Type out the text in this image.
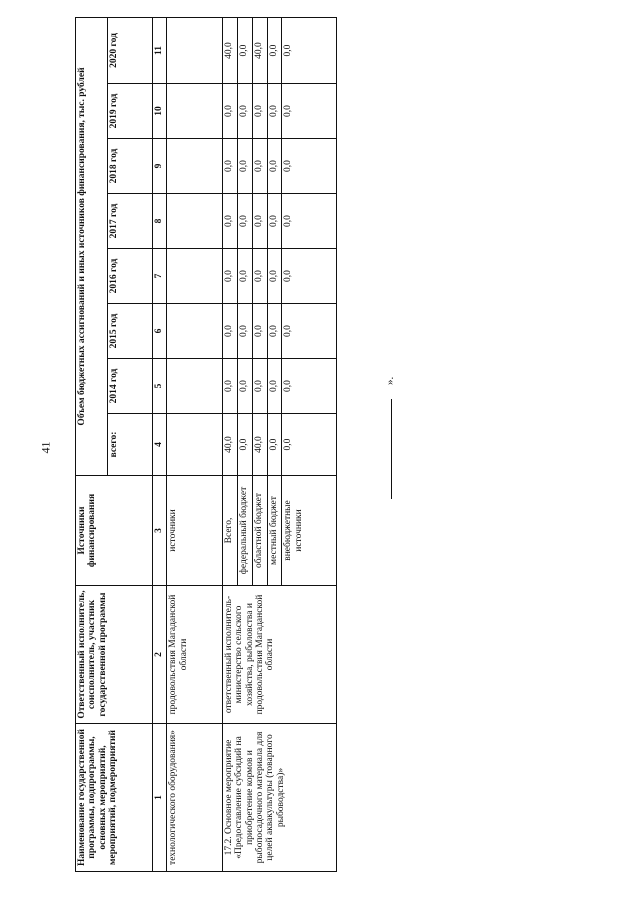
41
».
Наименование государственной программы, подпрограммы, основных мероприятий, мероприятий, подмероприятий	Ответственный исполнитель, соисполнитель, участник государственной программы	Источники финансирования	Объем бюджетных ассигнований и иных источников финансирования, тыс. рублей							
			всего:	2014 год	2015 год	2016 год	2017 год	2018 год	2019 год	2020 год
1	2	3	4	5	6	7	8	9	10	11
технологического оборудования»	продовольствия Магаданской области	источники								
17.2. Основное мероприятие «Предоставление субсидий на приобретение кормов и рыбопосадочного материала для целей аквакультуры (товарного рыбоводства)»	ответственный исполнитель-министерство сельского хозяйства, рыболовства и продовольствия Магаданской области	Всего,	40,0	0,0	0,0	0,0	0,0	0,0	0,0	40,0
		федеральный бюджет	0,0	0,0	0,0	0,0	0,0	0,0	0,0	0,0
		областной бюджет	40,0	0,0	0,0	0,0	0,0	0,0	0,0	40,0
		местный бюджет	0,0	0,0	0,0	0,0	0,0	0,0	0,0	0,0
		внебюджетные источники	0,0	0,0	0,0	0,0	0,0	0,0	0,0	0,0
